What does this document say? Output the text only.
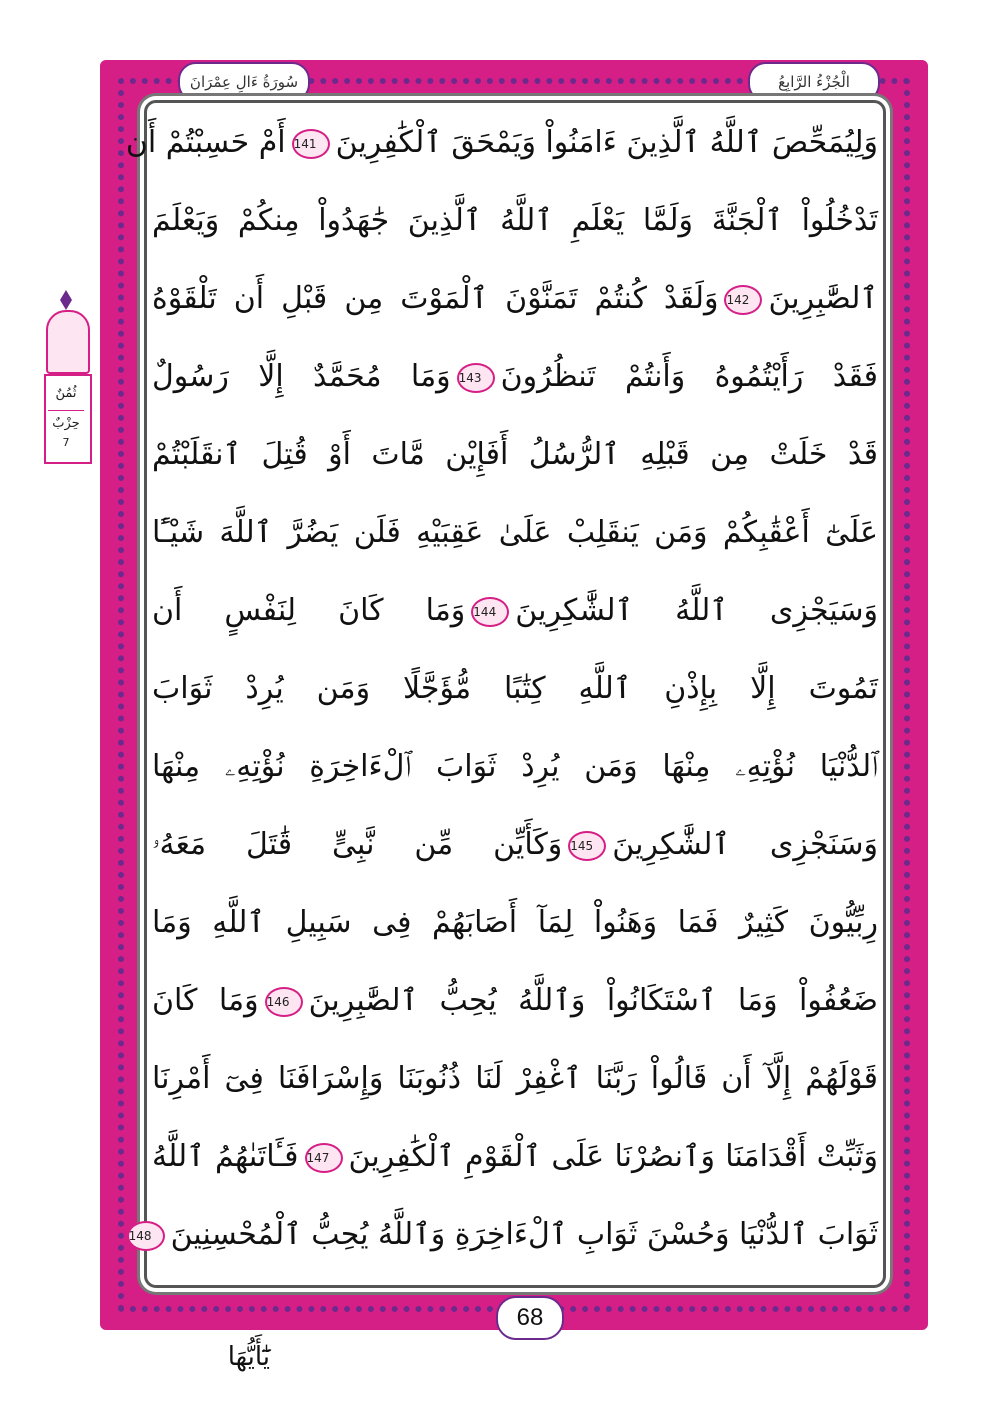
الْجُزْءُ الرَّابِعُ
سُورَةُ ءَالِ عِمْرَانَ
وَلِيُمَحِّصَ ٱللَّهُ ٱلَّذِينَ ءَامَنُواْ وَيَمْحَقَ ٱلْكَٰفِرِينَ141أَمْ حَسِبْتُمْ أَن
تَدْخُلُواْ ٱلْجَنَّةَ وَلَمَّا يَعْلَمِ ٱللَّهُ ٱلَّذِينَ جَٰهَدُواْ مِنكُمْ وَيَعْلَمَ
ٱلصَّٰبِرِينَ142وَلَقَدْ كُنتُمْ تَمَنَّوْنَ ٱلْمَوْتَ مِن قَبْلِ أَن تَلْقَوْهُ
فَقَدْ رَأَيْتُمُوهُ وَأَنتُمْ تَنظُرُونَ143وَمَا مُحَمَّدٌ إِلَّا رَسُولٌ
قَدْ خَلَتْ مِن قَبْلِهِ ٱلرُّسُلُ أَفَإِيْن مَّاتَ أَوْ قُتِلَ ٱنقَلَبْتُمْ
عَلَىٰٓ أَعْقَٰبِكُمْ وَمَن يَنقَلِبْ عَلَىٰ عَقِبَيْهِ فَلَن يَضُرَّ ٱللَّهَ شَيْـًٔا
وَسَيَجْزِى ٱللَّهُ ٱلشَّٰكِرِينَ144وَمَا كَانَ لِنَفْسٍ أَن
تَمُوتَ إِلَّا بِإِذْنِ ٱللَّهِ كِتَٰبًا مُّؤَجَّلًا وَمَن يُرِدْ ثَوَابَ
ٱلدُّنْيَا نُؤْتِهِۦ مِنْهَا وَمَن يُرِدْ ثَوَابَ ٱلْءَاخِرَةِ نُؤْتِهِۦ مِنْهَا
وَسَنَجْزِى ٱلشَّٰكِرِينَ145وَكَأَيِّن مِّن نَّبِىٍّ قَٰتَلَ مَعَهُۥ
رِبِّيُّونَ كَثِيرٌ فَمَا وَهَنُواْ لِمَآ أَصَابَهُمْ فِى سَبِيلِ ٱللَّهِ وَمَا
ضَعُفُواْ وَمَا ٱسْتَكَانُواْ وَٱللَّهُ يُحِبُّ ٱلصَّٰبِرِينَ146وَمَا كَانَ
قَوْلَهُمْ إِلَّآ أَن قَالُواْ رَبَّنَا ٱغْفِرْ لَنَا ذُنُوبَنَا وَإِسْرَافَنَا فِىٓ أَمْرِنَا
وَثَبِّتْ أَقْدَامَنَا وَٱنصُرْنَا عَلَى ٱلْقَوْمِ ٱلْكَٰفِرِينَ147فَـَٔاتَىٰهُمُ ٱللَّهُ
ثَوَابَ ٱلدُّنْيَا وَحُسْنَ ثَوَابِ ٱلْءَاخِرَةِ وَٱللَّهُ يُحِبُّ ٱلْمُحْسِنِينَ148
ثُمُنٌ
حِزْبٌ
7
68
يَٰٓأَيُّهَا
